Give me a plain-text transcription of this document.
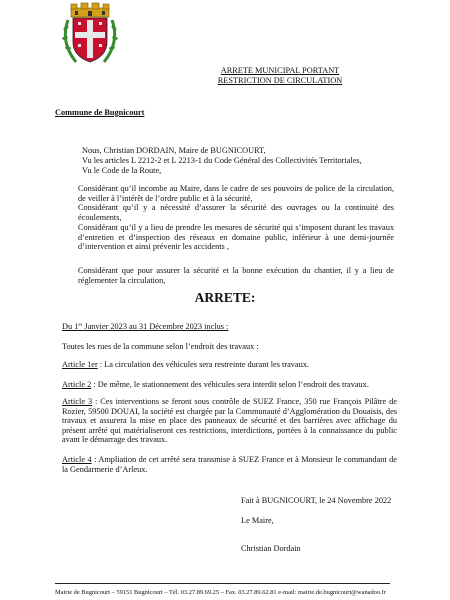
ARRETE MUNICIPAL PORTANT
RESTRICTION DE CIRCULATION
Commune de Bugnicourt
Nous, Christian DORDAIN, Maire de BUGNICOURT,
Vu les articles L 2212-2 et L 2213-1 du Code Général des Collectivités Territoriales,
Vu le Code de la Route,
Considérant qu’il incombe au Maire, dans le cadre de ses pouvoirs de police de la circulation, de veiller à l’intérêt de l’ordre public et à la sécurité,
Considérant qu’il y a nécessité d’assurer la sécurité des ouvrages ou la continuité des écoulements,
Considérant qu’il y a lieu de prendre les mesures de sécurité qui s’imposent durant les travaux d’entretien et d’inspection des réseaux en domaine public, inférieur à une demi-journée d’intervention et ainsi prévenir les accidents ,
Considérant que pour assurer la sécurité et la bonne exécution du chantier, il y a lieu de réglementer la circulation,
ARRETE:
Du 1er Janvier 2023 au 31 Décembre 2023 inclus :
Toutes les rues de la commune selon l’endroit des travaux :
Article 1er : La circulation des véhicules sera restreinte durant les travaux.
Article 2 : De même, le stationnement des véhicules sera interdit selon l’endroit des travaux.
Article 3 : Ces interventions se feront sous contrôle de SUEZ France, 350 rue François Pilâtre de Rozier, 59500 DOUAI, la société est chargée par la Communauté d’Agglomération du Douaisis, des travaux et assurera la mise en place des panneaux de sécurité et des barrières avec affichage du présent arrêté qui matérialiseront ces restrictions, interdictions, portées à la connaissance du public avant le démarrage des travaux.
Article 4 : Ampliation de cet arrêté sera transmise à SUEZ France et à Monsieur le commandant de la Gendarmerie d’Arleux.
Fait à BUGNICOURT, le 24 Novembre 2022
Le Maire,
Christian Dordain
Mairie de Bugnicourt – 59151 Bugnicourt – Tél. 03.27.89.69.25 – Fax. 03.27.89.62.81 e-mail: mairie.de.bugnicourt@wanadoo.fr
